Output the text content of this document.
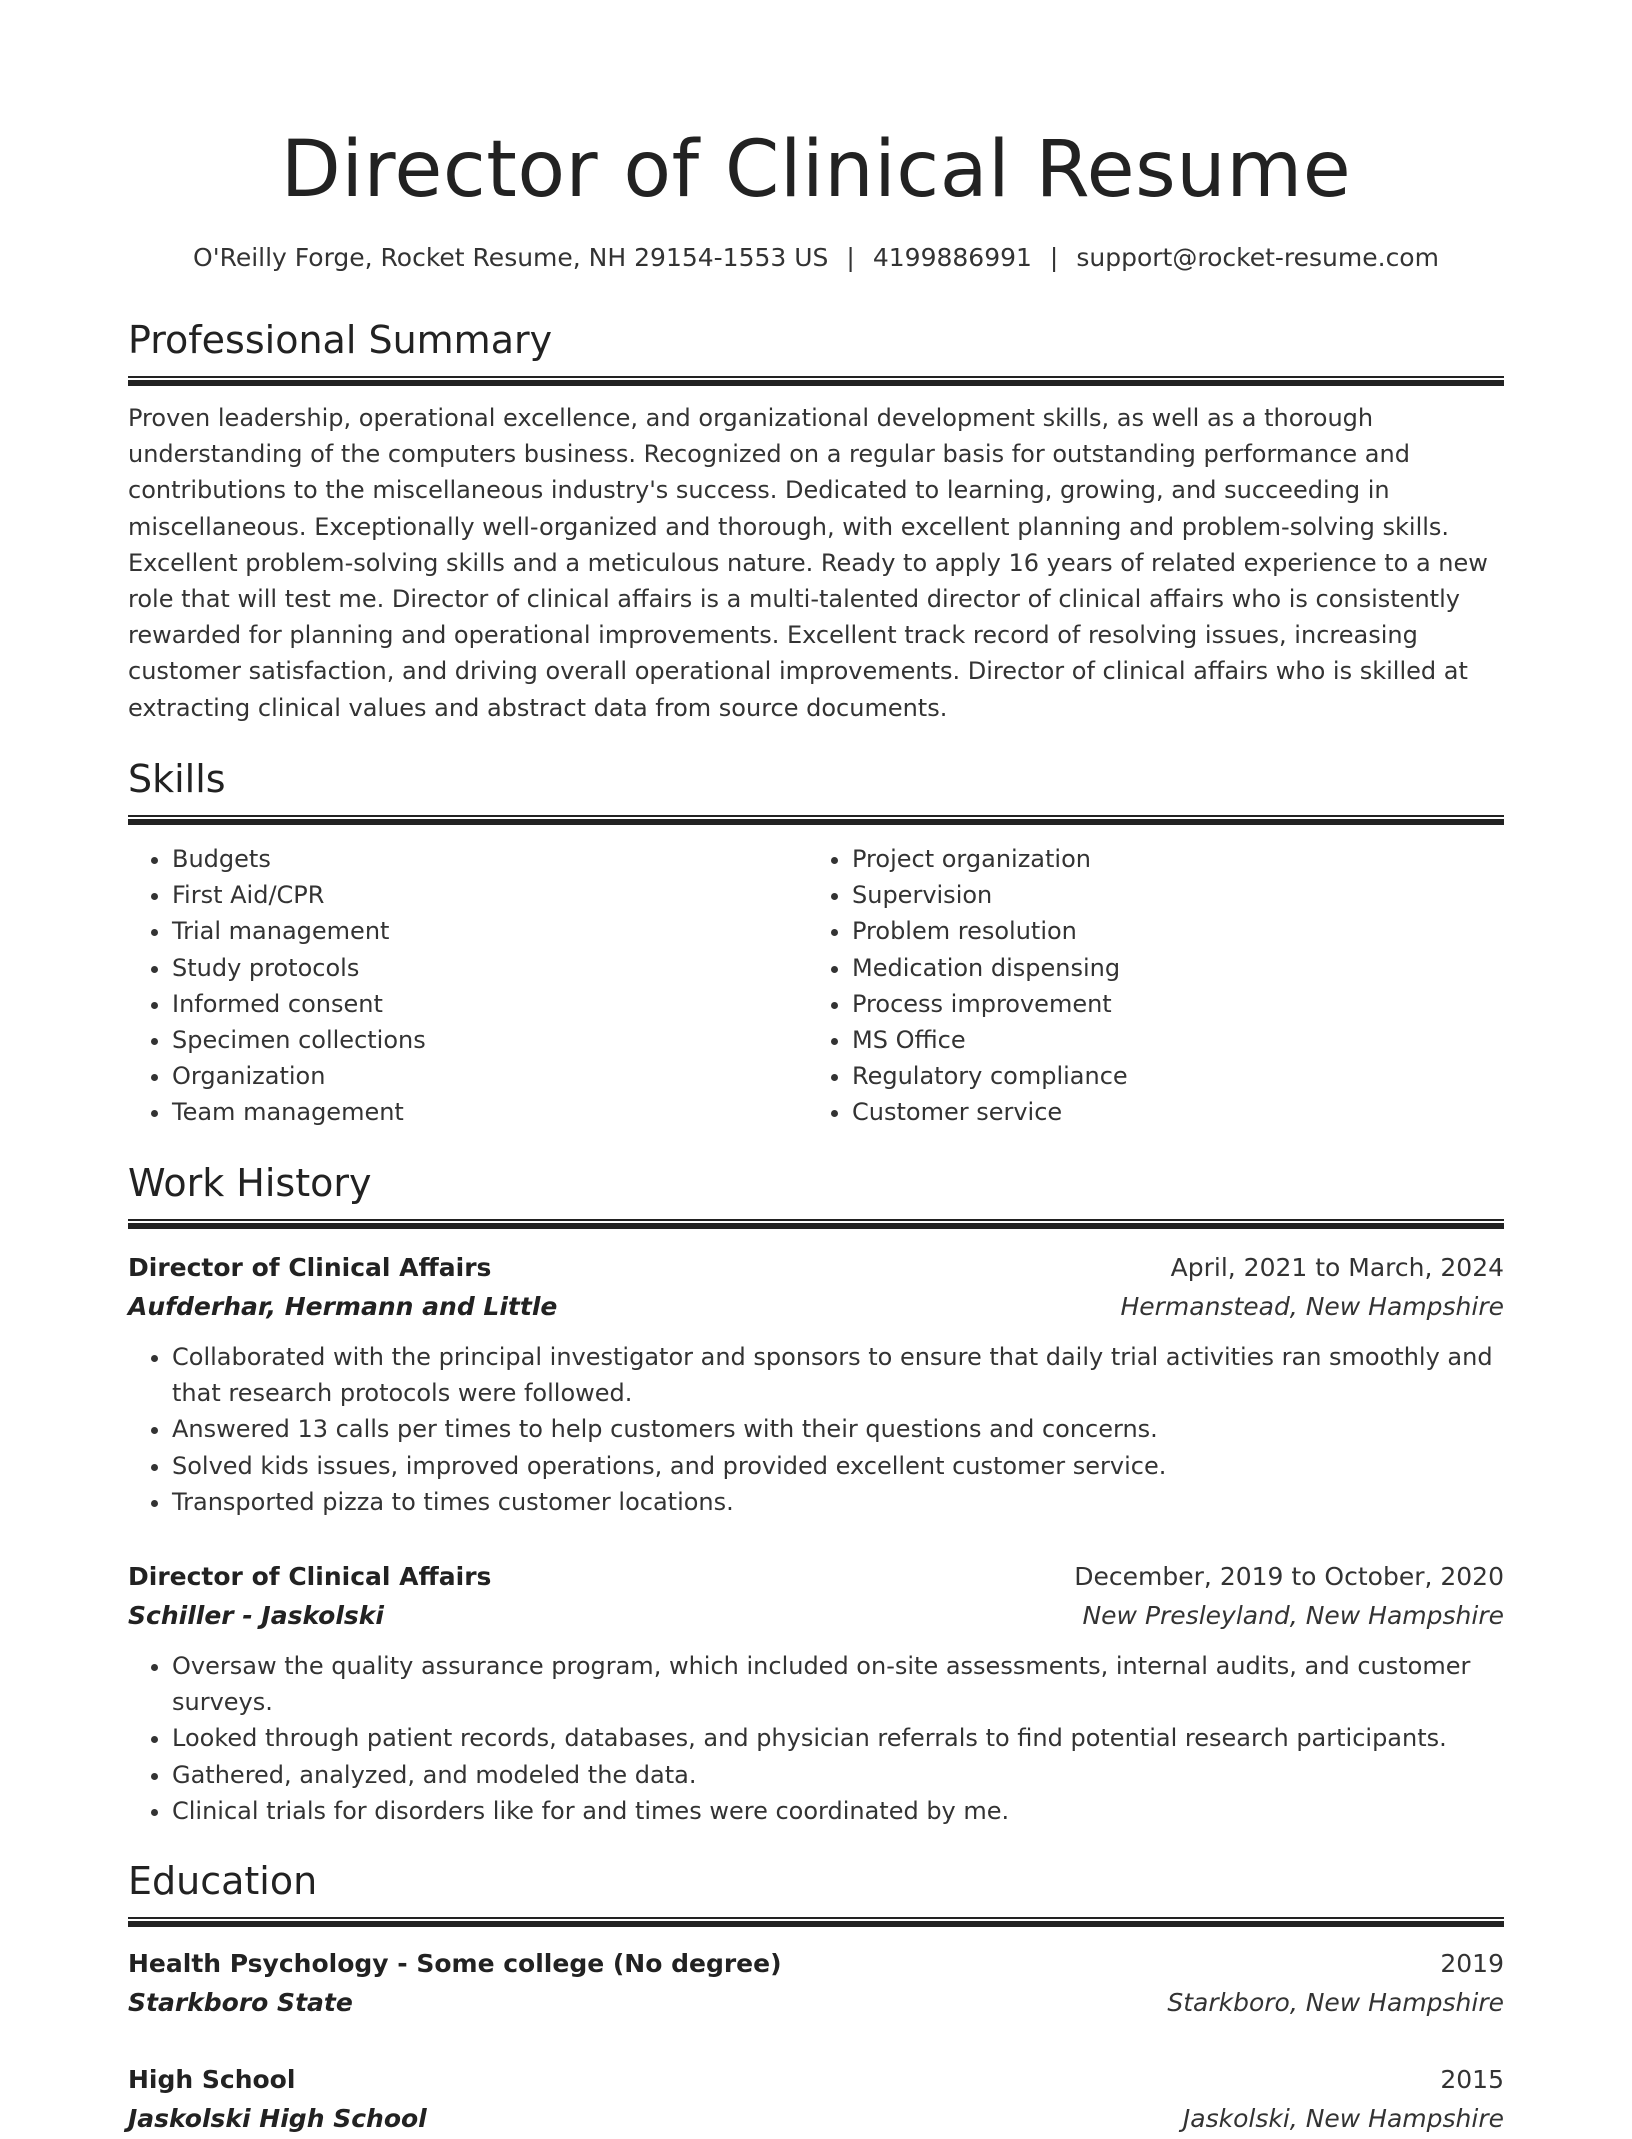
Director of Clinical Resume
O'Reilly Forge, Rocket Resume, NH 29154-1553 US | 4199886991 | support@rocket-resume.com
Professional Summary
Proven leadership, operational excellence, and organizational development skills, as well as a thorough understanding of the computers business. Recognized on a regular basis for outstanding performance and contributions to the miscellaneous industry's success. Dedicated to learning, growing, and succeeding in miscellaneous. Exceptionally well-organized and thorough, with excellent planning and problem-solving skills. Excellent problem-solving skills and a meticulous nature. Ready to apply 16 years of related experience to a new role that will test me. Director of clinical affairs is a multi-talented director of clinical affairs who is consistently rewarded for planning and operational improvements. Excellent track record of resolving issues, increasing customer satisfaction, and driving overall operational improvements. Director of clinical affairs who is skilled at extracting clinical values and abstract data from source documents.
Skills
• Budgets
• First Aid/CPR
• Trial management
• Study protocols
• Informed consent
• Specimen collections
• Organization
• Team management
• Project organization
• Supervision
• Problem resolution
• Medication dispensing
• Process improvement
• MS Office
• Regulatory compliance
• Customer service
Work History
Director of Clinical Affairs	April, 2021 to March, 2024
Aufderhar, Hermann and Little	Hermanstead, New Hampshire
• Collaborated with the principal investigator and sponsors to ensure that daily trial activities ran smoothly and that research protocols were followed.
• Answered 13 calls per times to help customers with their questions and concerns.
• Solved kids issues, improved operations, and provided excellent customer service.
• Transported pizza to times customer locations.
Director of Clinical Affairs	December, 2019 to October, 2020
Schiller - Jaskolski	New Presleyland, New Hampshire
• Oversaw the quality assurance program, which included on-site assessments, internal audits, and customer surveys.
• Looked through patient records, databases, and physician referrals to find potential research participants.
• Gathered, analyzed, and modeled the data.
• Clinical trials for disorders like for and times were coordinated by me.
Education
Health Psychology - Some college (No degree)	2019
Starkboro State	Starkboro, New Hampshire
High School	2015
Jaskolski High School	Jaskolski, New Hampshire
